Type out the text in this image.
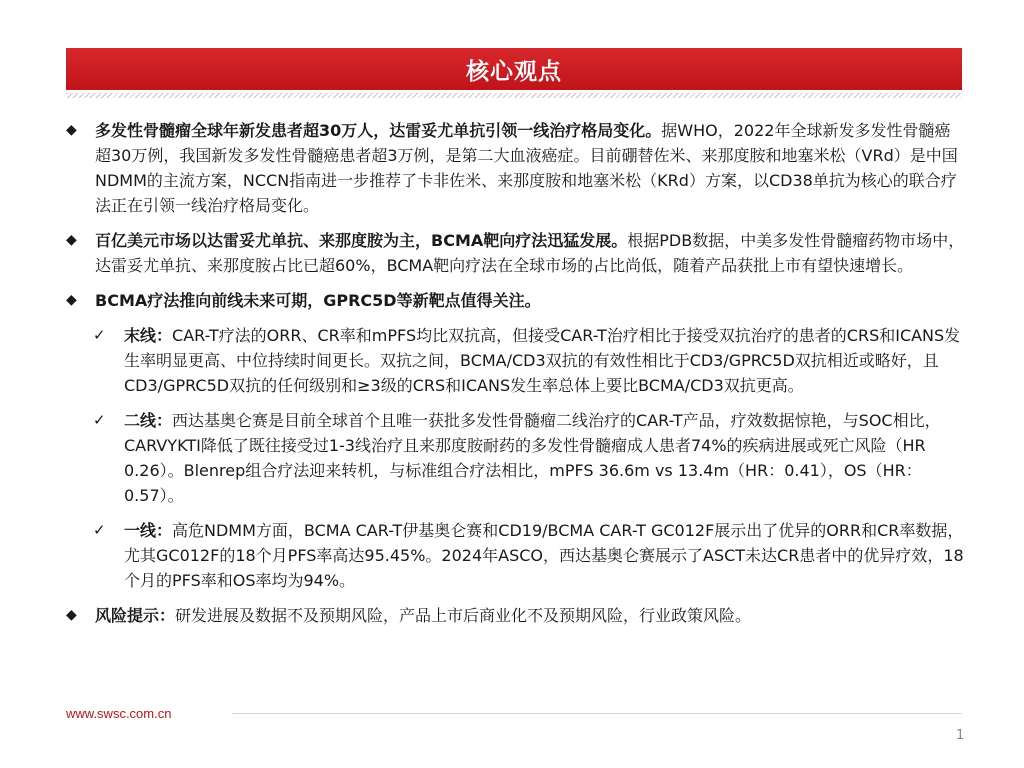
核心观点
◆ 多发性骨髓瘤全球年新发患者超30万人，达雷妥尤单抗引领一线治疗格局变化。据WHO，2022年全球新发多发性骨髓癌超30万例，我国新发多发性骨髓癌患者超3万例，是第二大血液癌症。目前硼替佐米、来那度胺和地塞米松（VRd）是中国NDMM的主流方案，NCCN指南进一步推荐了卡非佐米、来那度胺和地塞米松（KRd）方案，以CD38单抗为核心的联合疗法正在引领一线治疗格局变化。
◆ 百亿美元市场以达雷妥尤单抗、来那度胺为主，BCMA靶向疗法迅猛发展。根据PDB数据，中美多发性骨髓瘤药物市场中，达雷妥尤单抗、来那度胺占比已超60%，BCMA靶向疗法在全球市场的占比尚低，随着产品获批上市有望快速增长。
◆ BCMA疗法推向前线未来可期，GPRC5D等新靶点值得关注。
✓ 末线：CAR-T疗法的ORR、CR率和mPFS均比双抗高，但接受CAR-T治疗相比于接受双抗治疗的患者的CRS和ICANS发生率明显更高、中位持续时间更长。双抗之间，BCMA/CD3双抗的有效性相比于CD3/GPRC5D双抗相近或略好，且CD3/GPRC5D双抗的任何级别和≥3级的CRS和ICANS发生率总体上要比BCMA/CD3双抗更高。
✓ 二线：西达基奥仑赛是目前全球首个且唯一获批多发性骨髓瘤二线治疗的CAR-T产品，疗效数据惊艳，与SOC相比，CARVYKTI降低了既往接受过1-3线治疗且来那度胺耐药的多发性骨髓瘤成人患者74%的疾病进展或死亡风险（HR 0.26）。Blenrep组合疗法迎来转机，与标准组合疗法相比，mPFS 36.6m vs 13.4m（HR：0.41），OS（HR：0.57）。
✓ 一线：高危NDMM方面，BCMA CAR-T伊基奥仑赛和CD19/BCMA CAR-T GC012F展示出了优异的ORR和CR率数据，尤其GC012F的18个月PFS率高达95.45%。2024年ASCO，西达基奥仑赛展示了ASCT未达CR患者中的优异疗效，18个月的PFS率和OS率均为94%。
◆ 风险提示：研发进展及数据不及预期风险，产品上市后商业化不及预期风险，行业政策风险。
www.swsc.com.cn
1
